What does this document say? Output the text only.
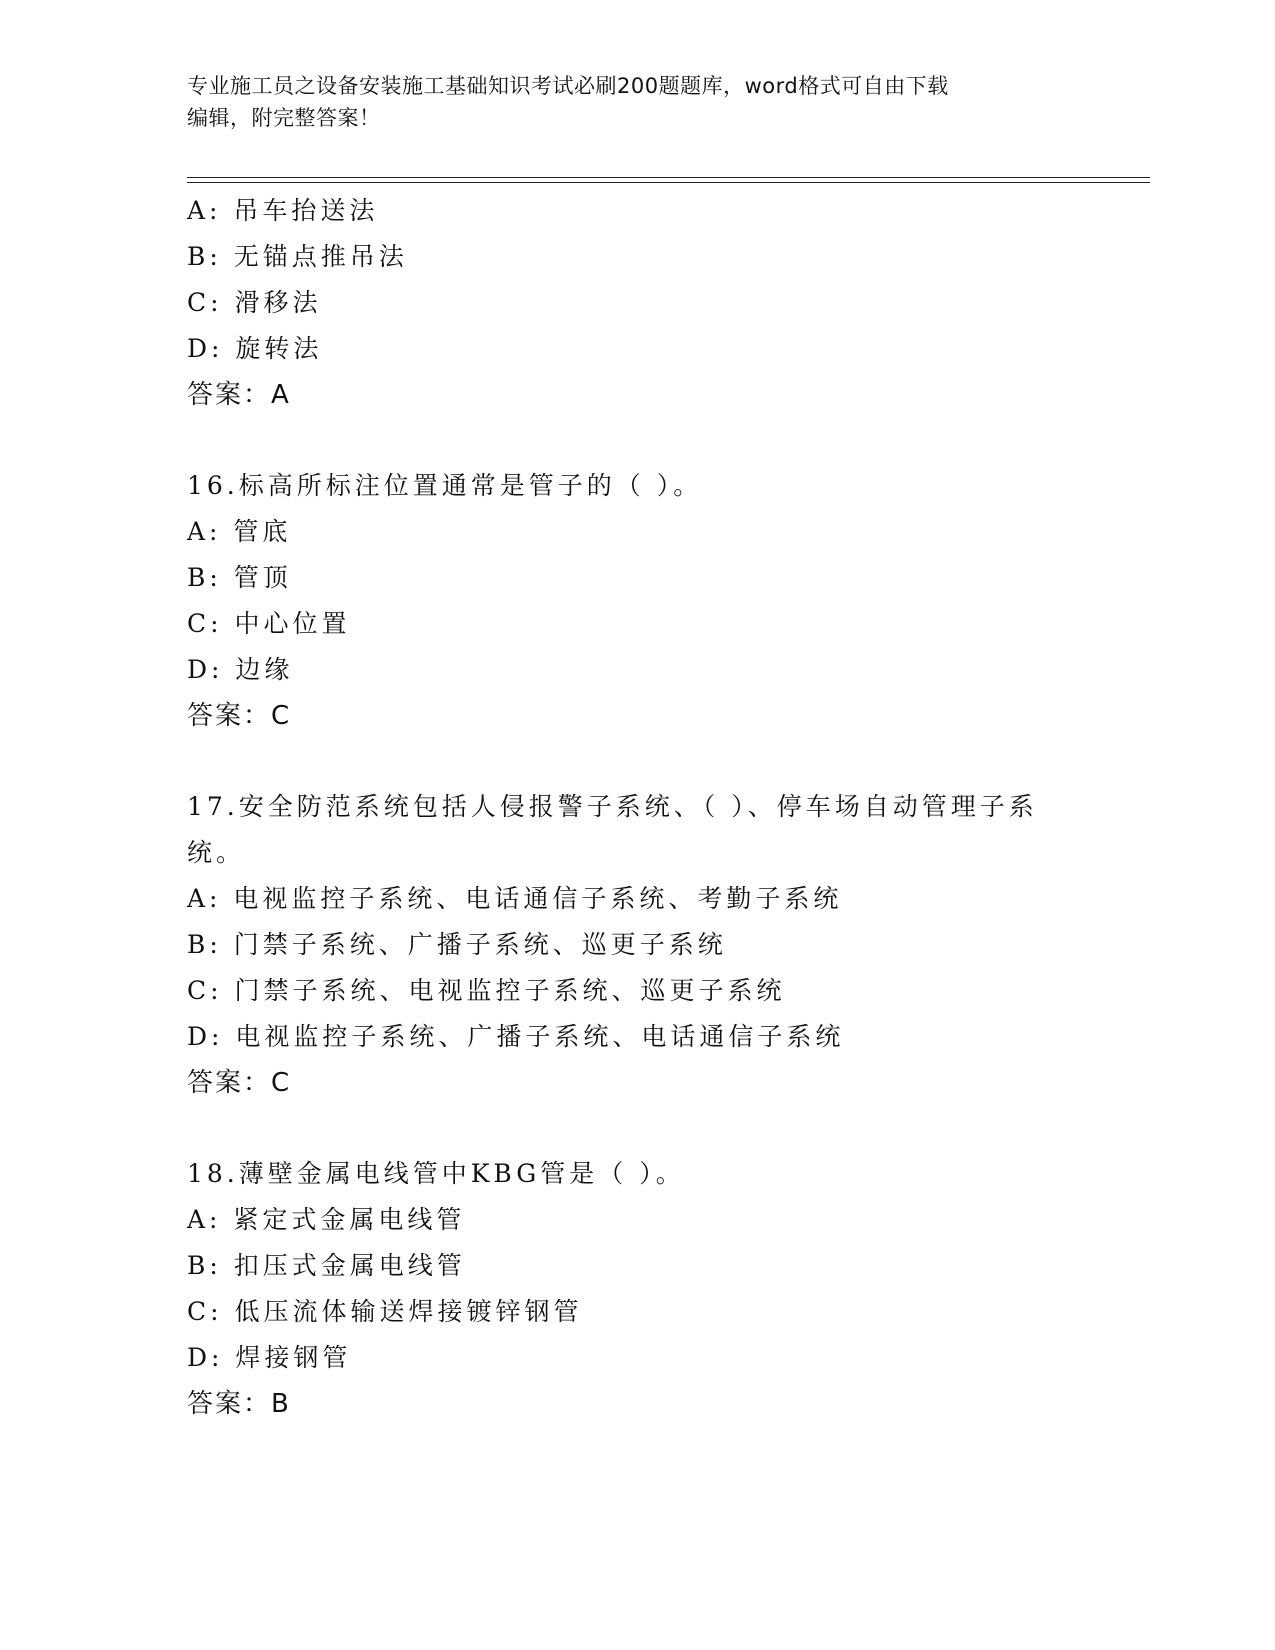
专业施工员之设备安装施工基础知识考试必刷200题题库，word格式可自由下载
编辑，附完整答案！
A: 吊车抬送法
B: 无锚点推吊法
C: 滑移法
D: 旋转法
答案：A
16.标高所标注位置通常是管子的（ ）。
A: 管底
B: 管顶
C: 中心位置
D: 边缘
答案：C
17.安全防范系统包括人侵报警子系统、（ ）、停车场自动管理子系
统。
A: 电视监控子系统、电话通信子系统、考勤子系统
B: 门禁子系统、广播子系统、巡更子系统
C: 门禁子系统、电视监控子系统、巡更子系统
D: 电视监控子系统、广播子系统、电话通信子系统
答案：C
18.薄壁金属电线管中KBG管是（ ）。
A: 紧定式金属电线管
B: 扣压式金属电线管
C: 低压流体输送焊接镀锌钢管
D: 焊接钢管
答案：B
